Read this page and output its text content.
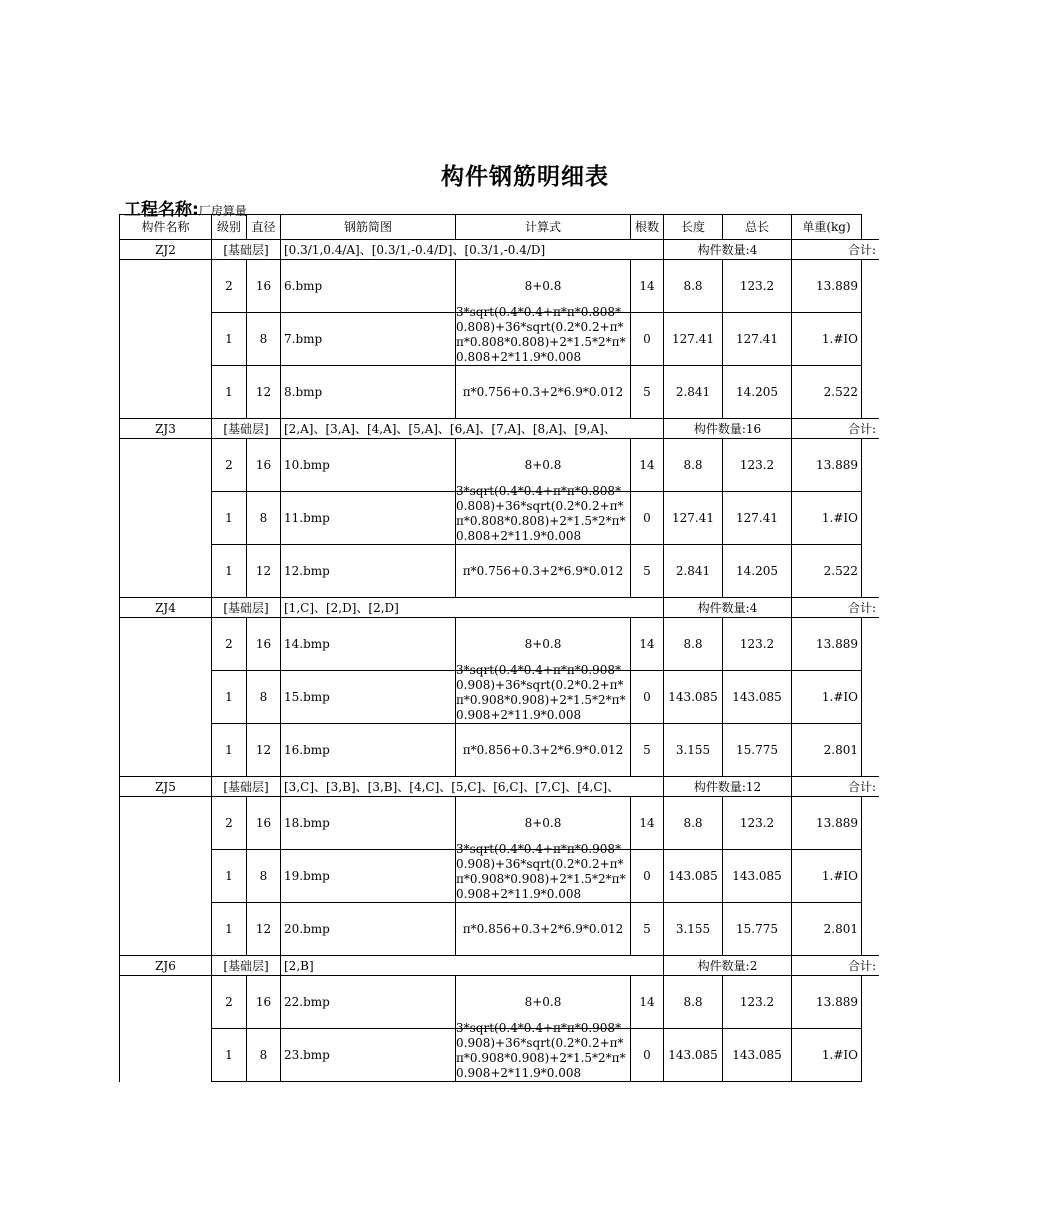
构件钢筋明细表
工程名称:厂房算量
构件名称	级别	直径	钢筋简图	计算式	根数	长度	总长	单重(kg)
ZJ2	[基础层]		[0.3/1,0.4/A]、[0.3/1,-0.4/D]、[0.3/1,-0.4/D]			构件数量:4		合计:
	2	16	6.bmp	8+0.8	14	8.8	123.2	13.889
	1	8	7.bmp	3*sqrt(0.4*0.4+π*π*0.808*0.808)+36*sqrt(0.2*0.2+π*π*0.808*0.808)+2*1.5*2*π*0.808+2*11.9*0.008	0	127.41	127.41	1.#IO
	1	12	8.bmp	π*0.756+0.3+2*6.9*0.012	5	2.841	14.205	2.522
ZJ3	[基础层]		[2,A]、[3,A]、[4,A]、[5,A]、[6,A]、[7,A]、[8,A]、[9,A]、			构件数量:16		合计:
	2	16	10.bmp	8+0.8	14	8.8	123.2	13.889
	1	8	11.bmp	3*sqrt(0.4*0.4+π*π*0.808*0.808)+36*sqrt(0.2*0.2+π*π*0.808*0.808)+2*1.5*2*π*0.808+2*11.9*0.008	0	127.41	127.41	1.#IO
	1	12	12.bmp	π*0.756+0.3+2*6.9*0.012	5	2.841	14.205	2.522
ZJ4	[基础层]		[1,C]、[2,D]、[2,D]			构件数量:4		合计:
	2	16	14.bmp	8+0.8	14	8.8	123.2	13.889
	1	8	15.bmp	3*sqrt(0.4*0.4+π*π*0.908*0.908)+36*sqrt(0.2*0.2+π*π*0.908*0.908)+2*1.5*2*π*0.908+2*11.9*0.008	0	143.085	143.085	1.#IO
	1	12	16.bmp	π*0.856+0.3+2*6.9*0.012	5	3.155	15.775	2.801
ZJ5	[基础层]		[3,C]、[3,B]、[3,B]、[4,C]、[5,C]、[6,C]、[7,C]、[4,C]、			构件数量:12		合计:
	2	16	18.bmp	8+0.8	14	8.8	123.2	13.889
	1	8	19.bmp	3*sqrt(0.4*0.4+π*π*0.908*0.908)+36*sqrt(0.2*0.2+π*π*0.908*0.908)+2*1.5*2*π*0.908+2*11.9*0.008	0	143.085	143.085	1.#IO
	1	12	20.bmp	π*0.856+0.3+2*6.9*0.012	5	3.155	15.775	2.801
ZJ6	[基础层]		[2,B]			构件数量:2		合计:
	2	16	22.bmp	8+0.8	14	8.8	123.2	13.889
	1	8	23.bmp	3*sqrt(0.4*0.4+π*π*0.908*0.908)+36*sqrt(0.2*0.2+π*π*0.908*0.908)+2*1.5*2*π*0.908+2*11.9*0.008	0	143.085	143.085	1.#IO
